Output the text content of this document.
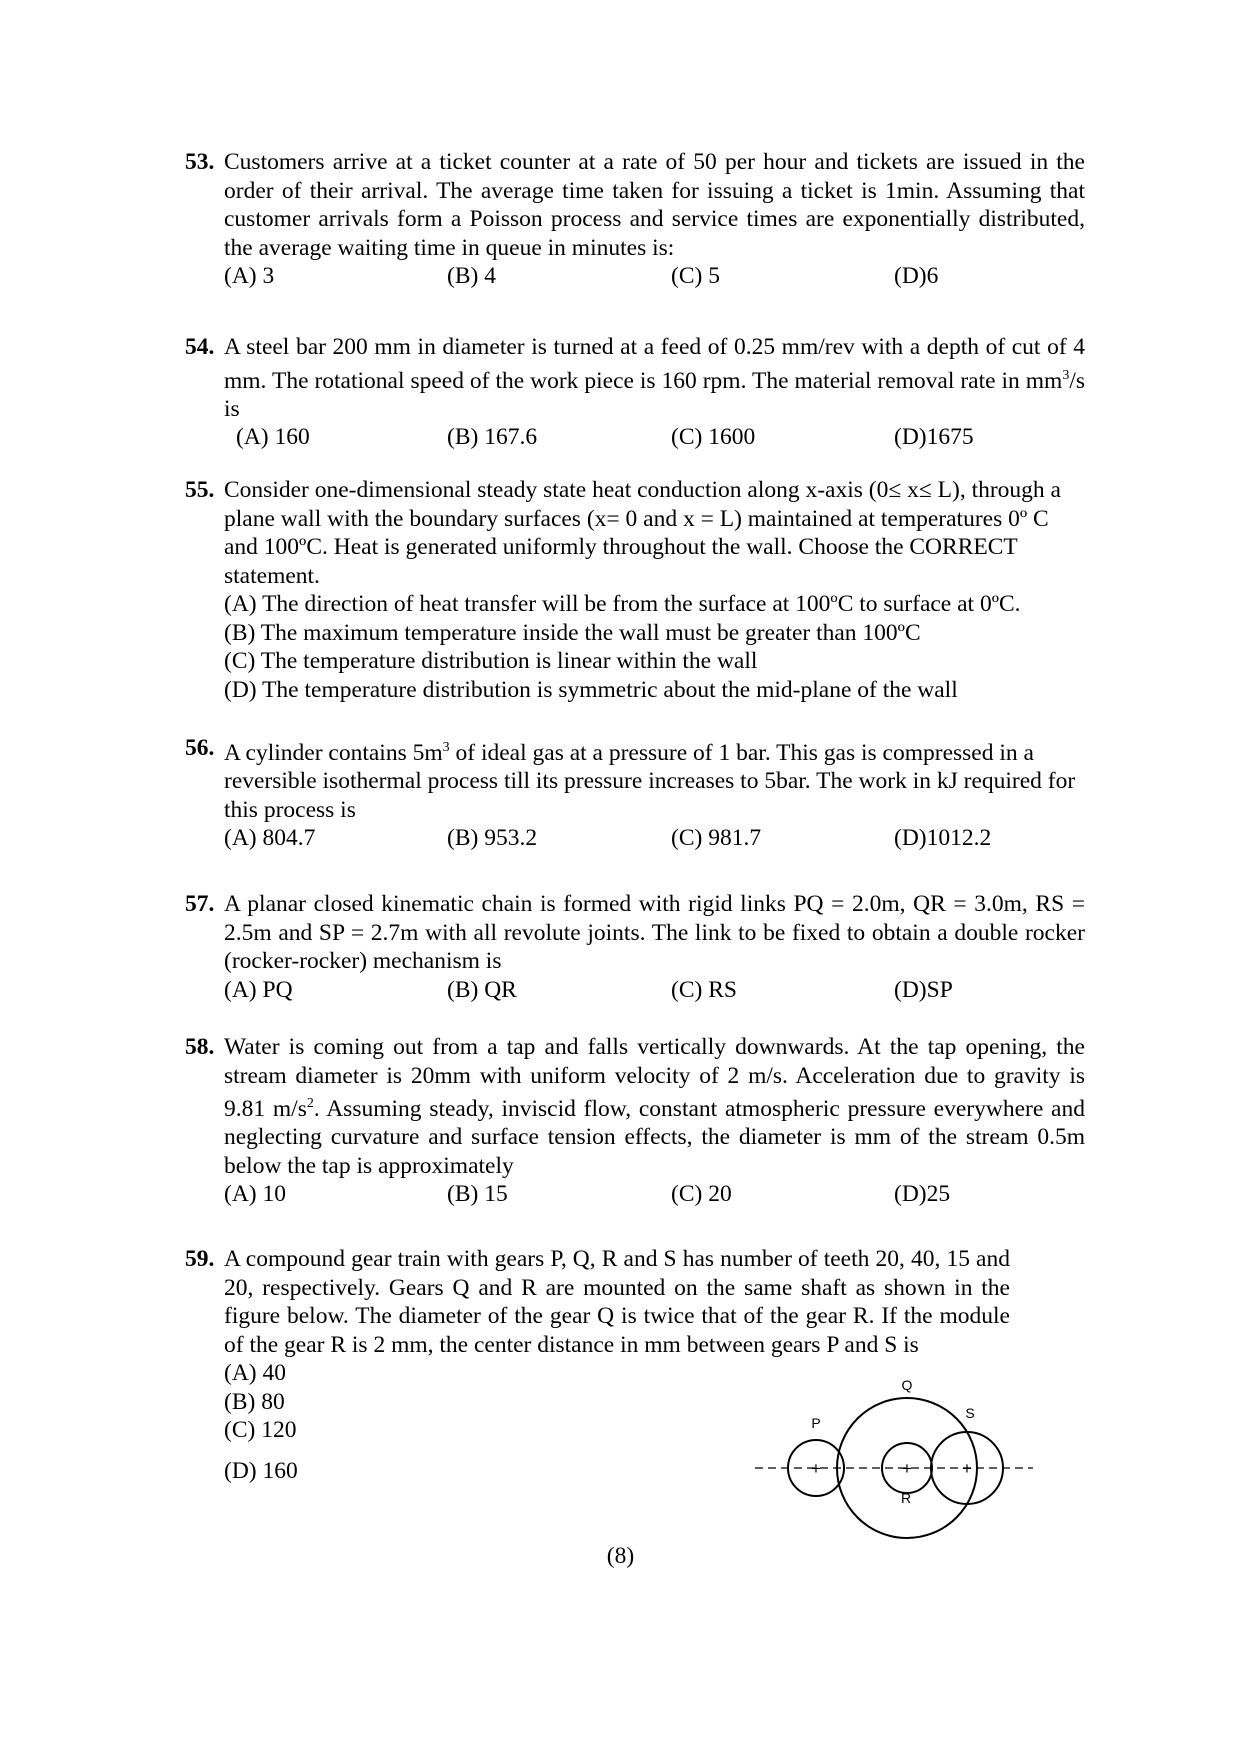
53. Customers arrive at a ticket counter at a rate of 50 per hour and tickets are issued in the order of their arrival. The average time taken for issuing a ticket is 1min. Assuming that customer arrivals form a Poisson process and service times are exponentially distributed, the average waiting time in queue in minutes is:
(A) 3	(B) 4	(C) 5	(D)6
54. A steel bar 200 mm in diameter is turned at a feed of 0.25 mm/rev with a depth of cut of 4 mm. The rotational speed of the work piece is 160 rpm. The material removal rate in $mm^3/s$ is
(A) 160	(B) 167.6	(C) 1600	(D)1675
55. Consider one-dimensional steady state heat conduction along x-axis (0≤ x≤ L), through a plane wall with the boundary surfaces (x= 0 and x = L) maintained at temperatures 0º C and 100ºC. Heat is generated uniformly throughout the wall. Choose the CORRECT statement.
(A) The direction of heat transfer will be from the surface at 100ºC to surface at 0ºC.
(B) The maximum temperature inside the wall must be greater than 100ºC
(C) The temperature distribution is linear within the wall
(D) The temperature distribution is symmetric about the mid-plane of the wall
56. A cylinder contains $5m^3$ of ideal gas at a pressure of 1 bar. This gas is compressed in a reversible isothermal process till its pressure increases to 5bar. The work in kJ required for this process is
(A) 804.7	(B) 953.2	(C) 981.7	(D)1012.2
57. A planar closed kinematic chain is formed with rigid links PQ = 2.0m, QR = 3.0m, RS = 2.5m and SP = 2.7m with all revolute joints. The link to be fixed to obtain a double rocker (rocker-rocker) mechanism is
(A) PQ	(B) QR	(C) RS	(D)SP
58. Water is coming out from a tap and falls vertically downwards. At the tap opening, the stream diameter is 20mm with uniform velocity of 2 m/s. Acceleration due to gravity is 9.81 $m/s^2$. Assuming steady, inviscid flow, constant atmospheric pressure everywhere and neglecting curvature and surface tension effects, the diameter is mm of the stream 0.5m below the tap is approximately
(A) 10	(B) 15	(C) 20	(D)25
59. A compound gear train with gears P, Q, R and S has number of teeth 20, 40, 15 and 20, respectively. Gears Q and R are mounted on the same shaft as shown in the figure below. The diameter of the gear Q is twice that of the gear R. If the module of the gear R is 2 mm, the center distance in mm between gears P and S is
(A) 40
(B) 80
(C) 120
(D) 160	+	+	+
Q
P
S
R
(8)
